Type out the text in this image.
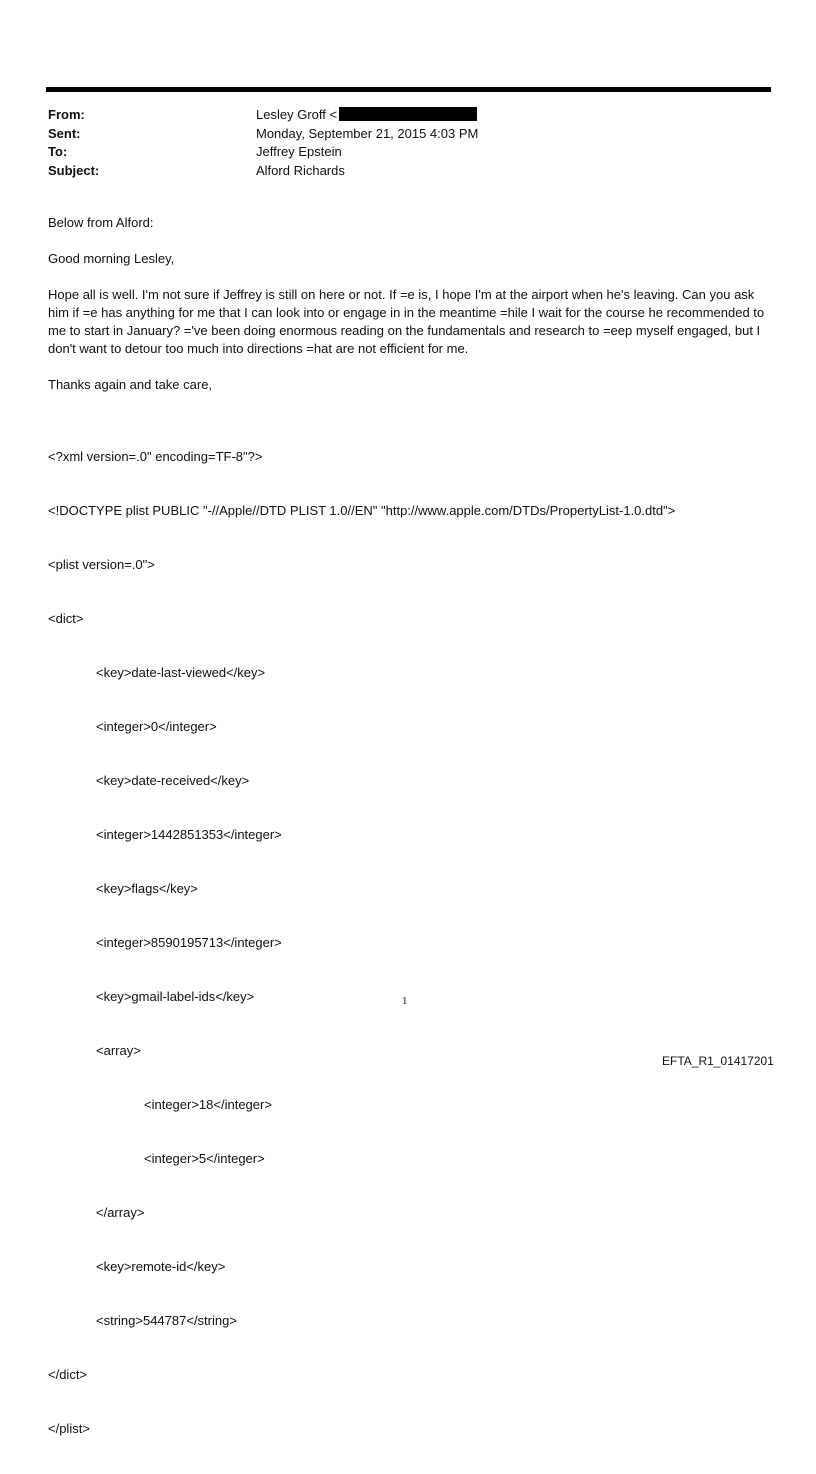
From:	Lesley Groff <
Sent:	Monday, September 21, 2015 4:03 PM
To:	Jeffrey Epstein
Subject:	Alford Richards

Below from Alford:

Good morning Lesley,

Hope all is well. I'm not sure if Jeffrey is still on here or not. If =e is, I hope I'm at the airport when he's leaving. Can you ask him if =e has anything for me that I can look into or engage in in the meantime =hile I wait for the course he recommended to me to start in January? ='ve been doing enormous reading on the fundamentals and research to =eep myself engaged, but I don't want to detour too much into directions =hat are not efficient for me.

Thanks again and take care,

<?xml version=.0" encoding=TF-8"?>

<!DOCTYPE plist PUBLIC "-//Apple//DTD PLIST 1.0//EN" "http://www.apple.com/DTDs/PropertyList-1.0.dtd">

<plist version=.0">

<dict>

<key>date-last-viewed</key>

<integer>0</integer>

<key>date-received</key>

<integer>1442851353</integer>

<key>flags</key>

<integer>8590195713</integer>

<key>gmail-label-ids</key>

<array>

<integer>18</integer>

<integer>5</integer>

</array>

<key>remote-id</key>

<string>544787</string>

</dict>

</plist>

1
EFTA_R1_01417201
